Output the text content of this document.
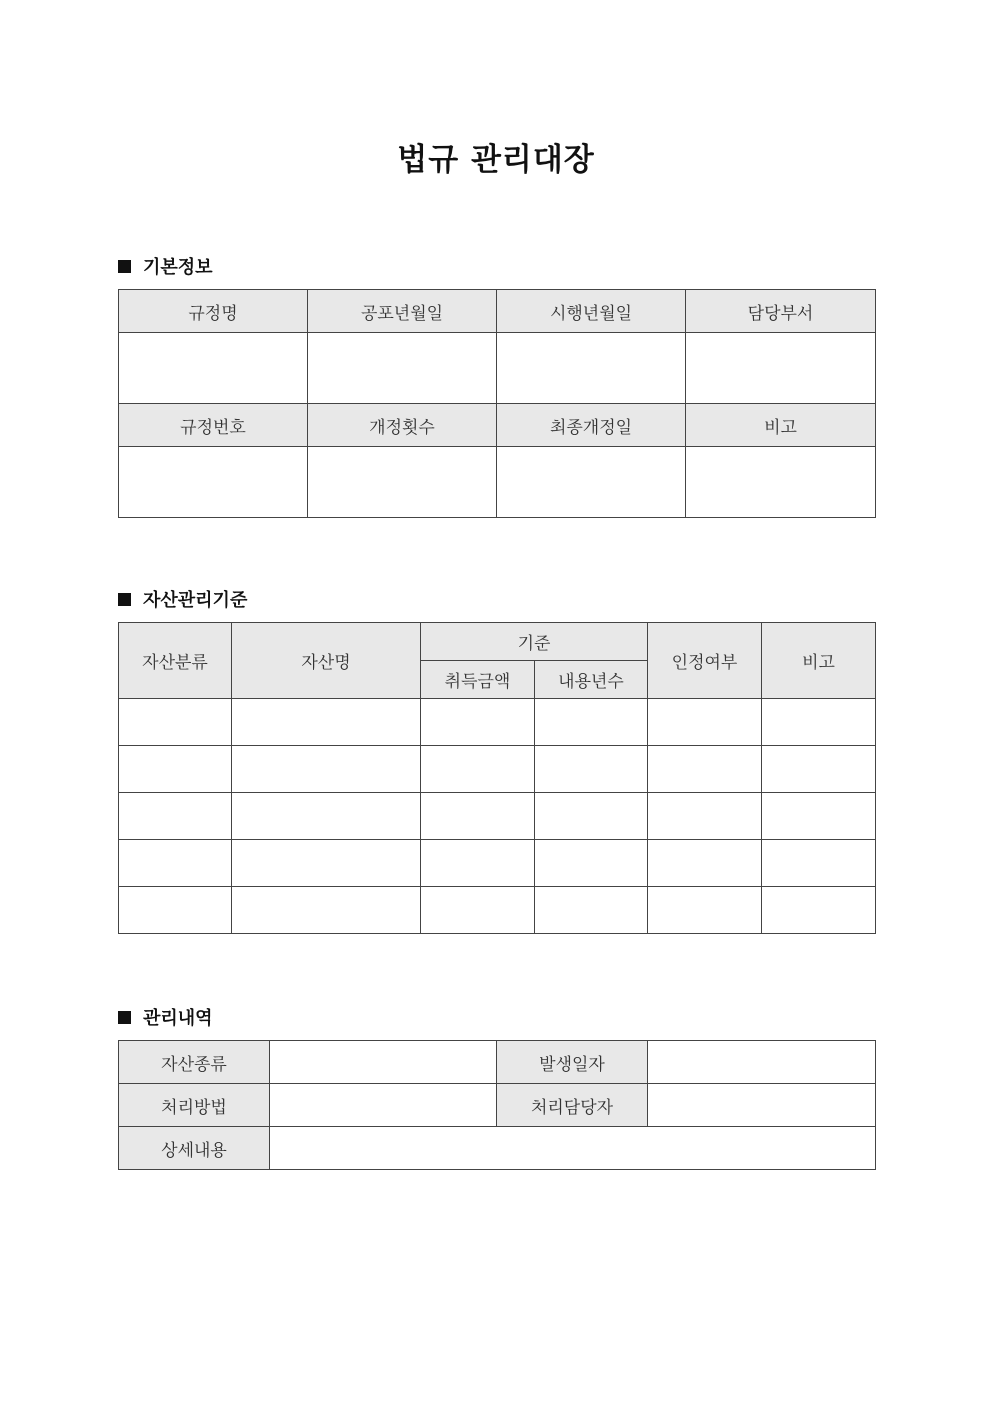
법규 관리대장
기본정보
규정명	공포년월일	시행년월일	담당부서

규정번호	개정횟수	최종개정일	비고

자산관리기준
자산분류	자산명	기준		인정여부	비고
		취득금액	내용년수		

관리내역
자산종류		발생일자	
처리방법		처리담당자	
상세내용			
